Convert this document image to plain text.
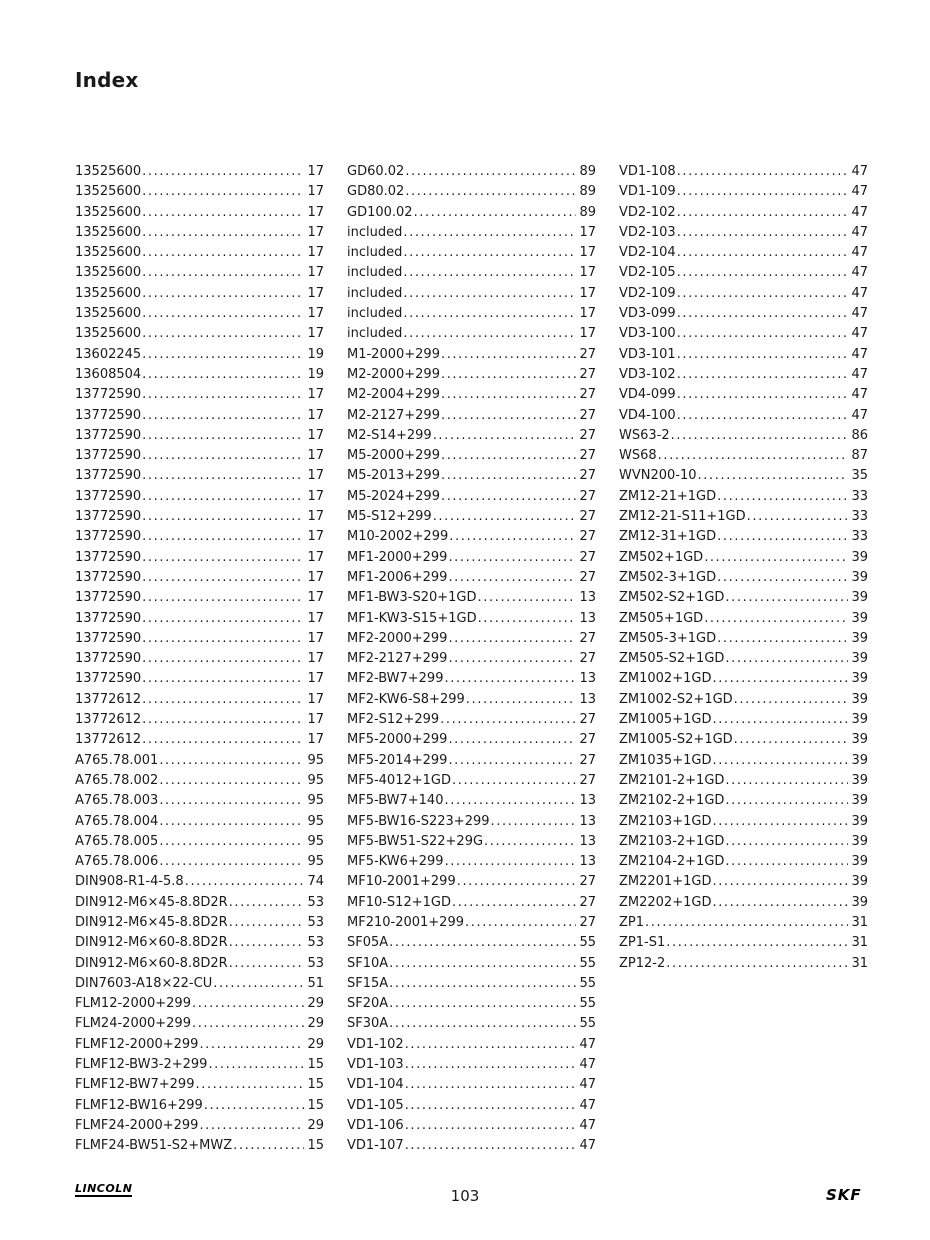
Index
13525600 .....	17
13525600 .....	17
13525600 .....	17
13525600 .....	17
13525600 .....	17
13525600 .....	17
13525600 .....	17
13525600 .....	17
13525600 .....	17
13602245 .....	19
13608504 .....	19
13772590 .....	17
13772590 .....	17
13772590 .....	17
13772590 .....	17
13772590 .....	17
13772590 .....	17
13772590 .....	17
13772590 .....	17
13772590 .....	17
13772590 .....	17
13772590 .....	17
13772590 .....	17
13772590 .....	17
13772590 .....	17
13772590 .....	17
13772612 .....	17
13772612 .....	17
13772612 .....	17
A765.78.001 .....	95
A765.78.002 .....	95
A765.78.003 .....	95
A765.78.004 .....	95
A765.78.005 .....	95
A765.78.006 .....	95
DIN908-R1-4-5.8 .....	74
DIN912-M6×45-8.8D2R .....	53
DIN912-M6×45-8.8D2R .....	53
DIN912-M6×60-8.8D2R .....	53
DIN912-M6×60-8.8D2R .....	53
DIN7603-A18×22-CU .....	51
FLM12-2000+299 .....	29
FLM24-2000+299 .....	29
FLMF12-2000+299 .....	29
FLMF12-BW3-2+299 .....	15
FLMF12-BW7+299 .....	15
FLMF12-BW16+299 .....	15
FLMF24-2000+299 .....	29
FLMF24-BW51-S2+MWZ .....	15
GD60.02 .....	89
GD80.02 .....	89
GD100.02 .....	89
included .....	17
included .....	17
included .....	17
included .....	17
included .....	17
included .....	17
M1-2000+299 .....	27
M2-2000+299 .....	27
M2-2004+299 .....	27
M2-2127+299 .....	27
M2-S14+299 .....	27
M5-2000+299 .....	27
M5-2013+299 .....	27
M5-2024+299 .....	27
M5-S12+299 .....	27
M10-2002+299 .....	27
MF1-2000+299 .....	27
MF1-2006+299 .....	27
MF1-BW3-S20+1GD .....	13
MF1-KW3-S15+1GD .....	13
MF2-2000+299 .....	27
MF2-2127+299 .....	27
MF2-BW7+299 .....	13
MF2-KW6-S8+299 .....	13
MF2-S12+299 .....	27
MF5-2000+299 .....	27
MF5-2014+299 .....	27
MF5-4012+1GD .....	27
MF5-BW7+140 .....	13
MF5-BW16-S223+299 .....	13
MF5-BW51-S22+29G .....	13
MF5-KW6+299 .....	13
MF10-2001+299 .....	27
MF10-S12+1GD .....	27
MF210-2001+299 .....	27
SF05A .....	55
SF10A .....	55
SF15A .....	55
SF20A .....	55
SF30A .....	55
VD1-102 .....	47
VD1-103 .....	47
VD1-104 .....	47
VD1-105 .....	47
VD1-106 .....	47
VD1-107 .....	47
VD1-108 .....	47
VD1-109 .....	47
VD2-102 .....	47
VD2-103 .....	47
VD2-104 .....	47
VD2-105 .....	47
VD2-109 .....	47
VD3-099 .....	47
VD3-100 .....	47
VD3-101 .....	47
VD3-102 .....	47
VD4-099 .....	47
VD4-100 .....	47
WS63-2 .....	86
WS68 .....	87
WVN200-10 .....	35
ZM12-21+1GD .....	33
ZM12-21-S11+1GD .....	33
ZM12-31+1GD .....	33
ZM502+1GD .....	39
ZM502-3+1GD .....	39
ZM502-S2+1GD .....	39
ZM505+1GD .....	39
ZM505-3+1GD .....	39
ZM505-S2+1GD .....	39
ZM1002+1GD .....	39
ZM1002-S2+1GD .....	39
ZM1005+1GD .....	39
ZM1005-S2+1GD .....	39
ZM1035+1GD .....	39
ZM2101-2+1GD .....	39
ZM2102-2+1GD .....	39
ZM2103+1GD .....	39
ZM2103-2+1GD .....	39
ZM2104-2+1GD .....	39
ZM2201+1GD .....	39
ZM2202+1GD .....	39
ZP1 .....	31
ZP1-S1 .....	31
ZP12-2 .....	31
LINCOLN	103	SKF
